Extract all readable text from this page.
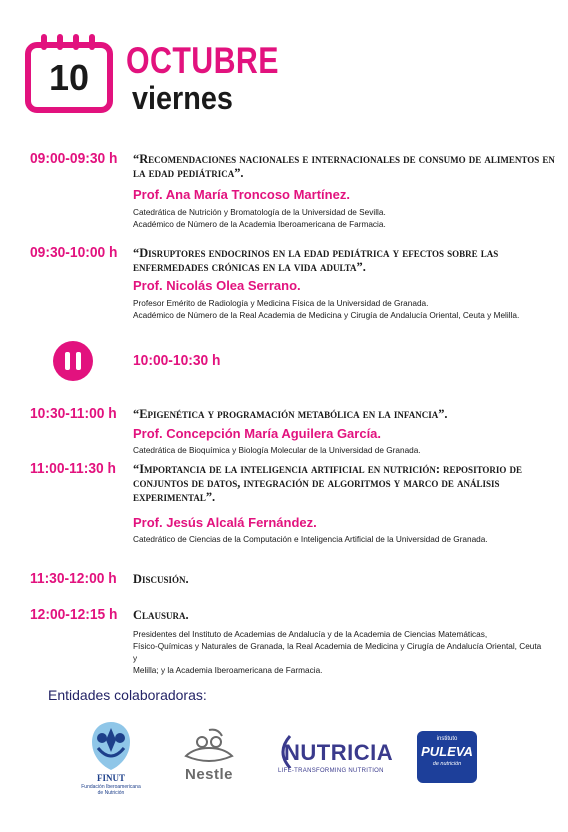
10 OCTUBRE
viernes
09:00-09:30 h “Recomendaciones nacionales e internacionales de consumo de alimentos en la edad pediátrica”.
Prof. Ana María Troncoso Martínez.
Catedrática de Nutrición y Bromatología de la Universidad de Sevilla.
Académico de Número de la Academia Iberoamericana de Farmacia.
09:30-10:00 h “Disruptores endocrinos en la edad pediátrica y efectos sobre las enfermedades crónicas en la vida adulta”.
Prof. Nicolás Olea Serrano.
Profesor Emérito de Radiología y Medicina Física de la Universidad de Granada.
Académico de Número de la Real Academia de Medicina y Cirugía de Andalucía Oriental, Ceuta y Melilla.
10:00-10:30 h
10:30-11:00 h “Epigenética y programación metabólica en la infancia”.
Prof. Concepción María Aguilera García.
Catedrática de Bioquímica y Biología Molecular de la Universidad de Granada.
11:00-11:30 h “Importancia de la inteligencia artificial en nutrición: repositorio de conjuntos de datos, integración de algoritmos y marco de análisis experimental”.
Prof. Jesús Alcalá Fernández.
Catedrático de Ciencias de la Computación e Inteligencia Artificial de la Universidad de Granada.
11:30-12:00 h Discusión.
12:00-12:15 h Clausura.
Presidentes del Instituto de Academias de Andalucía y de la Academia de Ciencias Matemáticas,
Físico-Químicas y Naturales de Granada, la Real Academia de Medicina y Cirugía de Andalucía Oriental, Ceuta y
Melilla; y la Academia Iberoamericana de Farmacia.
Entidades colaboradoras:
FINUT
Fundación Iberoamericana
de Nutrición
Nestle
NUTRICIA
LIFE-TRANSFORMING NUTRITION
instituto
PULEVA
de nutrición
